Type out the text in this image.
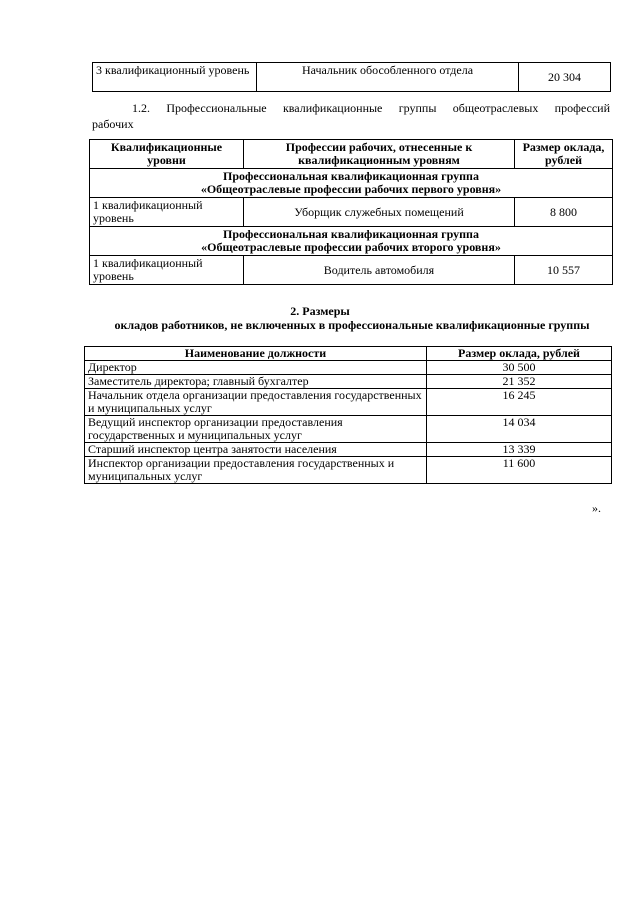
3 квалификационный уровень	Начальник обособленного отдела	20 304
1.2. Профессиональные квалификационные группы общеотраслевых профессий
рабочих
Квалификационные уровни	Профессии рабочих, отнесенные к квалификационным уровням	Размер оклада, рублей

Профессиональная квалификационная группа
«Общеотраслевые профессии рабочих первого уровня»		

1 квалификационный уровень	Уборщик служебных помещений	8 800

Профессиональная квалификационная группа
«Общеотраслевые профессии рабочих второго уровня»		

1 квалификационный уровень	Водитель автомобиля	10 557
2. Размеры
окладов работников, не включенных в профессиональные квалификационные группы
Наименование должности	Размер оклада, рублей
Директор	30 500
Заместитель директора; главный бухгалтер	21 352
Начальник отдела организации предоставления государственных и муниципальных услуг	16 245
Ведущий инспектор организации предоставления государственных и муниципальных услуг	14 034
Старший инспектор центра занятости населения	13 339
Инспектор организации предоставления государственных и муниципальных услуг	11 600
».
